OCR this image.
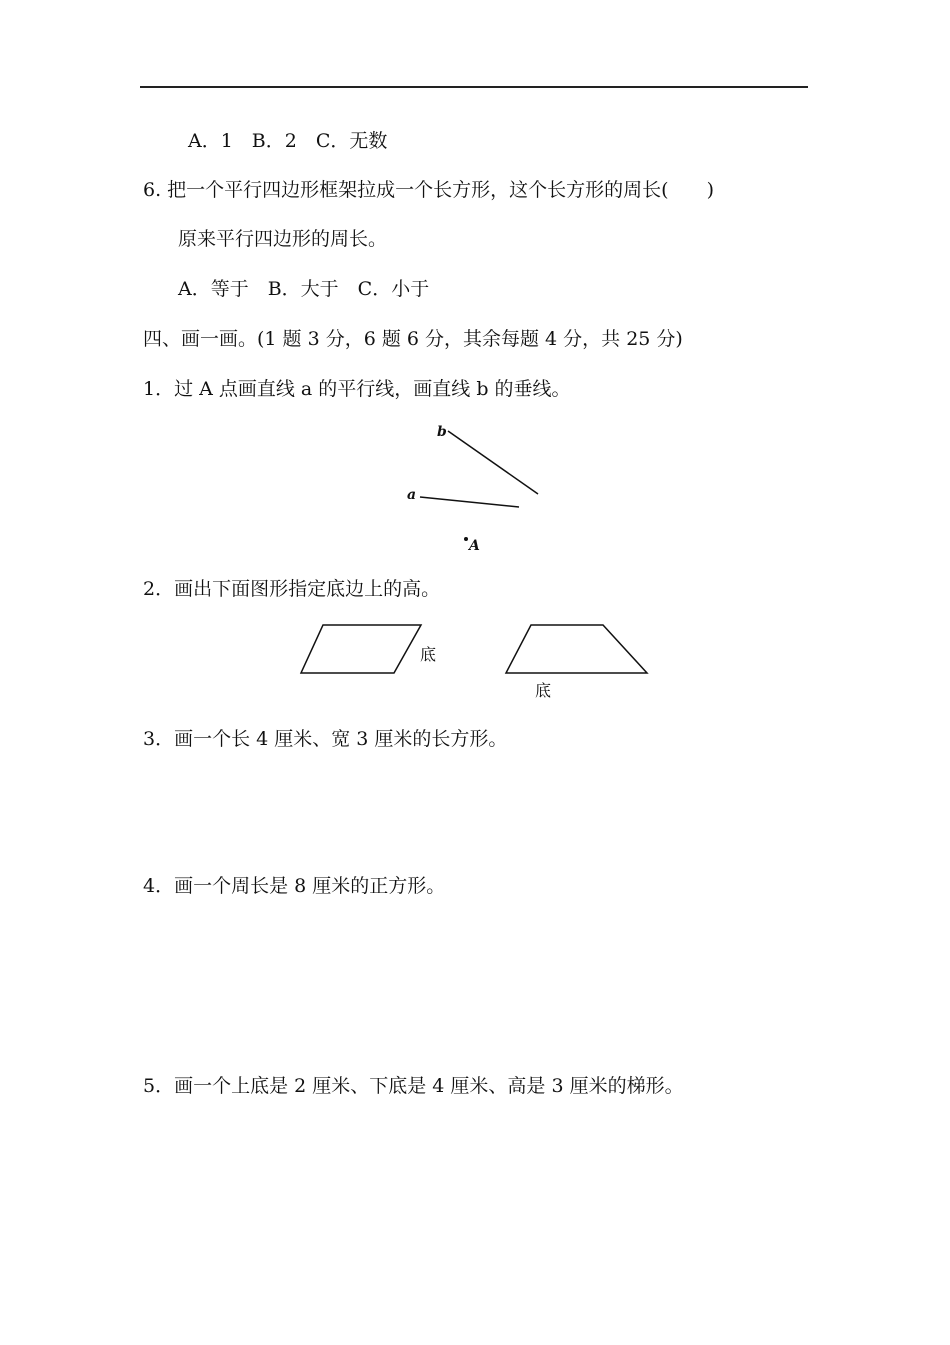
A．1　B．2　C．无数
6. 把一个平行四边形框架拉成一个长方形，这个长方形的周长(　　)
原来平行四边形的周长。
A．等于　B．大于　C．小于
四、画一画。(1 题 3 分，6 题 6 分，其余每题 4 分，共 25 分)
1．过 A 点画直线 a 的平行线，画直线 b 的垂线。
b
a
A
2．画出下面图形指定底边上的高。
底
底
3．画一个长 4 厘米、宽 3 厘米的长方形。
4．画一个周长是 8 厘米的正方形。
5．画一个上底是 2 厘米、下底是 4 厘米、高是 3 厘米的梯形。
